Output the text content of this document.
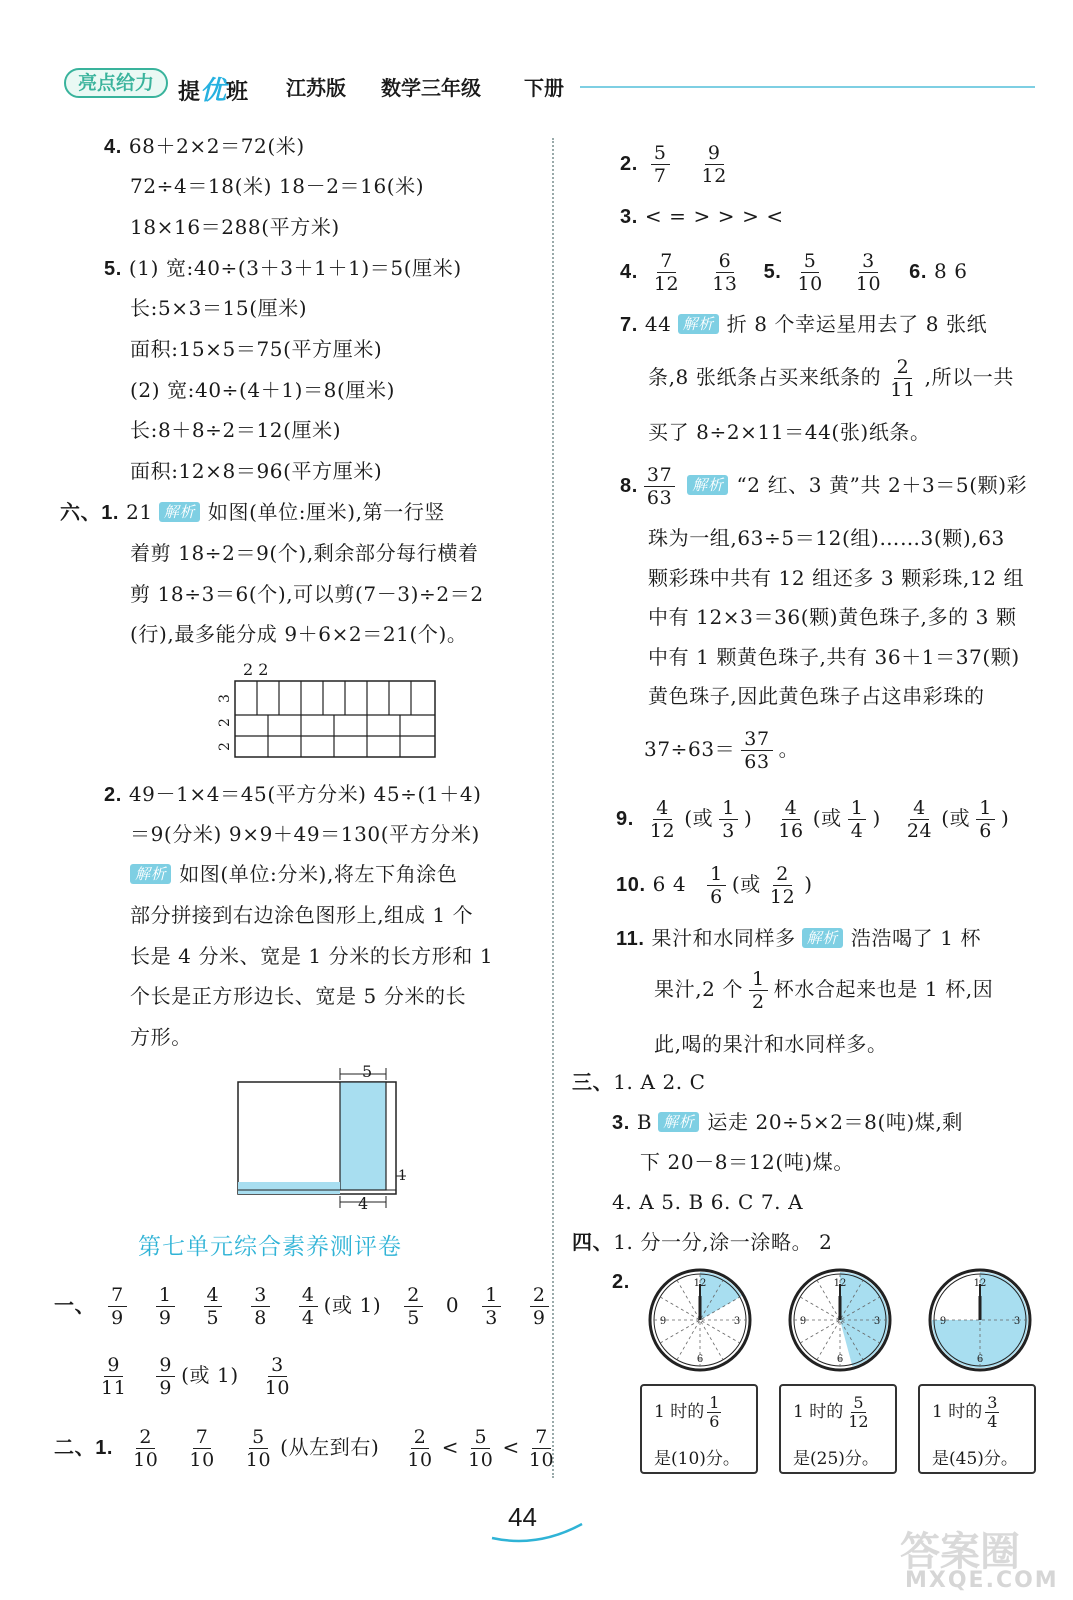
亮点给力	提优班 江苏版 数学三年级 下册
4. 68＋2×2＝72(米)
72÷4＝18(米) 18－2＝16(米)
18×16＝288(平方米)
5. (1) 宽:40÷(3＋3＋1＋1)＝5(厘米)
长:5×3＝15(厘米)
面积:15×5＝75(平方厘米)
(2) 宽:40÷(4＋1)＝8(厘米)
长:8＋8÷2＝12(厘米)
面积:12×8＝96(平方厘米)
六、1. 21 解析 如图(单位:厘米),第一行竖
着剪 18÷2＝9(个),剩余部分每行横着
剪 18÷3＝6(个),可以剪(7－3)÷2＝2
(行),最多能分成 9＋6×2＝21(个)。
2 2
3
2
2
2. 49－1×4＝45(平方分米) 45÷(1＋4)
＝9(分米) 9×9＋49＝130(平方分米)
解析 如图(单位:分米),将左下角涂色
部分拼接到右边涂色图形上,组成 1 个
长是 4 分米、宽是 1 分米的长方形和 1
个长是正方形边长、宽是 5 分米的长
方形。
5
4
1
第七单元综合素养测评卷
一、 $\frac{7}{9}$
$\frac{1}{9}$
$\frac{4}{5}$
$\frac{3}{8}$
$\frac{4}{4}$ (或 $1) \frac{2}{5} 0 \frac{1}{3}$
$\frac{2}{9}$
$\frac{9}{11}$
$\frac{9}{9}$ (或 $1) \frac{3}{10}$
二、1. $\frac{2}{10}$
$\frac{7}{10}$
$\frac{5}{10}$ (从左到右) $\frac{2}{10} < \frac{5}{10} < \frac{7}{10}$
2. $\frac{5}{7}$
$\frac{9}{12}$
3. < = > > > <
4. $\frac{7}{12}$
$\frac{6}{13} 5$. $\frac{5}{10}$
$\frac{3}{10} 6$. 8 6
7. 44 解析 折 8 个幸运星用去了 8 张纸
条,8 张纸条占买来纸条的 $\frac{2}{11}$ ,所以一共
买了 8÷2×11＝44(张)纸条。
8. $\frac{37}{63}$ 解析 “2 红、3 黄”共 2＋3＝5(颗)彩
珠为一组,63÷5＝12(组)……3(颗),63
颗彩珠中共有 12 组还多 3 颗彩珠,12 组
中有 12×3＝36(颗)黄色珠子,多的 3 颗
中有 1 颗黄色珠子,共有 36＋1＝37(颗)
黄色珠子,因此黄色珠子占这串彩珠的
$37\div 63= \frac{37}{63}$ 。
9. $\frac{4}{12}$ (或 $\frac{1}{3}$ ) $\frac{4}{16}$ (或 $\frac{1}{4}$ ) $\frac{4}{24}$ (或 $\frac{1}{6}$ )
10. 6 $4 \frac{1}{6}$ (或 $\frac{2}{12}$ )
11. 果汁和水同样多 解析 浩浩喝了 1 杯
果汁,2 个 $\frac{1}{2}$ 杯水合起来也是 1 杯,因
此,喝的果汁和水同样多。
三、1. A 2. C
3. B 解析 运走 20÷5×2＝8(吨)煤,剩
下 20－8＝12(吨)煤。
4. A 5. B 6. C 7. A
四、1. 分一分,涂一涂略。 2
2.	12
3
6
9
12
3
6
9
12
3
6
9
1 时的 $\frac{1}{6}$
是(10)分。
1 时的 $\frac{5}{12}$
是(25)分。
1 时的 $\frac{3}{4}$
是(45)分。
44
答案圈
MXQE.COM
